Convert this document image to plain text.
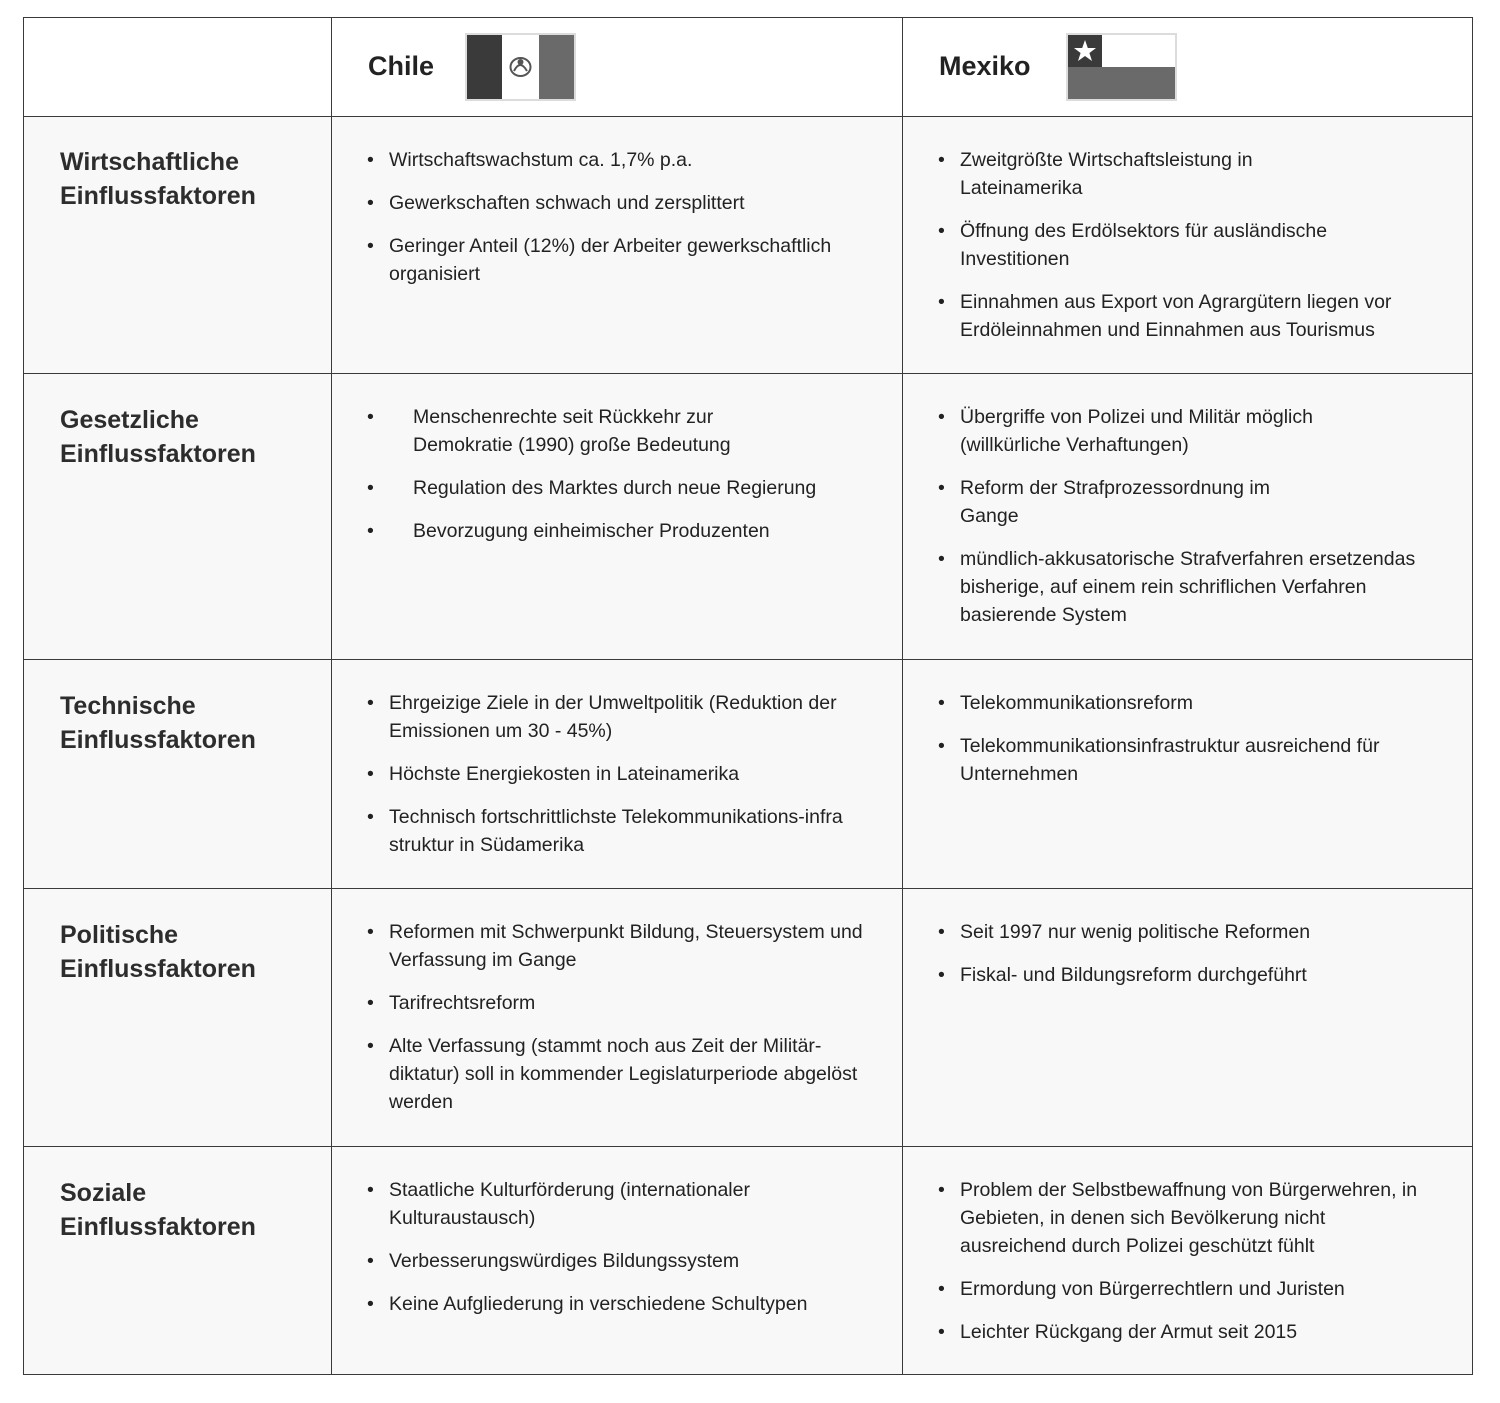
Chile	Mexiko
Wirtschaftliche
Einflussfaktoren
• Wirtschaftswachstum ca. 1,7% p.a.
• Gewerkschaften schwach und zersplittert
• Geringer Anteil (12%) der Arbeiter gewerkschaftlich organisiert
• Zweitgrößte Wirtschaftsleistung in Lateinamerika
• Öffnung des Erdölsektors für ausländische Investitionen
• Einnahmen aus Export von Agrargütern liegen vor Erdöleinnahmen und Einnahmen aus Tourismus
Gesetzliche
Einflussfaktoren
• Menschenrechte seit Rückkehr zur Demokratie (1990) große Bedeutung
• Regulation des Marktes durch neue Regierung
• Bevorzugung einheimischer Produzenten
• Übergriffe von Polizei und Militär möglich (willkürliche Verhaftungen)
• Reform der Strafprozessordnung im Gange
• mündlich-akkusatorische Strafverfahren ersetzendas bisherige, auf einem rein schriflichen Verfahren basierende System
Technische
Einflussfaktoren
• Ehrgeizige Ziele in der Umweltpolitik (Reduktion der Emissionen um 30 - 45%)
• Höchste Energiekosten in Lateinamerika
• Technisch fortschrittlichste Telekommunikations-infrastruktur in Südamerika
• Telekommunikationsreform
• Telekommunikationsinfrastruktur ausreichend für Unternehmen
Politische
Einflussfaktoren
• Reformen mit Schwerpunkt Bildung, Steuersystem und Verfassung im Gange
• Tarifrechtsreform
• Alte Verfassung (stammt noch aus Zeit der Militär-diktatur) soll in kommender Legislaturperiode abgelöst werden
• Seit 1997 nur wenig politische Reformen
• Fiskal- und Bildungsreform durchgeführt
Soziale
Einflussfaktoren
• Staatliche Kulturförderung (internationaler Kulturaustausch)
• Verbesserungswürdiges Bildungssystem
• Keine Aufgliederung in verschiedene Schultypen
• Problem der Selbstbewaffnung von Bürgerwehren, in Gebieten, in denen sich Bevölkerung nicht ausreichend durch Polizei geschützt fühlt
• Ermordung von Bürgerrechtlern und Juristen
• Leichter Rückgang der Armut seit 2015
